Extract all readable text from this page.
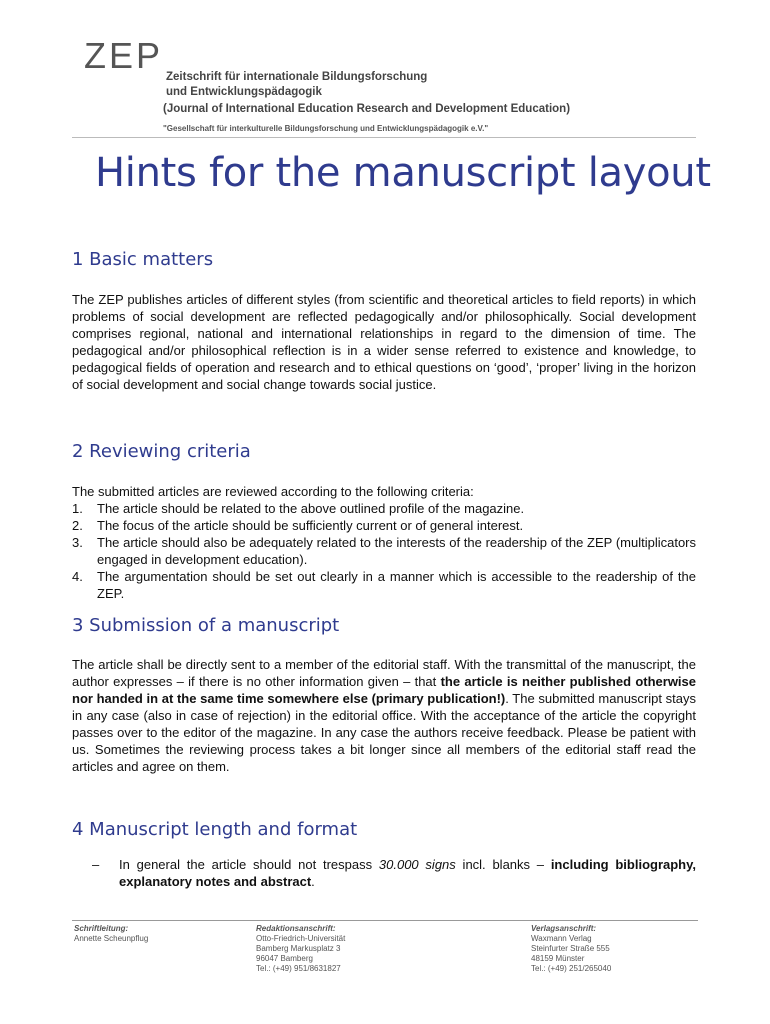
ZEP
Zeitschrift für internationale Bildungsforschung
und Entwicklungspädagogik
(Journal of International Education Research and Development Education)
"Gesellschaft für interkulturelle Bildungsforschung und Entwicklungspädagogik e.V."
Hints for the manuscript layout
1 Basic matters
The ZEP publishes articles of different styles (from scientific and theoretical articles to field reports) in which problems of social development are reflected pedagogically and/or philosophically. Social development comprises regional, national and international relationships in regard to the dimension of time. The pedagogical and/or philosophical reflection is in a wider sense referred to existence and knowledge, to pedagogical fields of operation and research and to ethical questions on ‘good’, ‘proper’ living in the horizon of social development and social change towards social justice.
2 Reviewing criteria
The submitted articles are reviewed according to the following criteria:
1. The article should be related to the above outlined profile of the magazine.
2. The focus of the article should be sufficiently current or of general interest.
3. The article should also be adequately related to the interests of the readership of the ZEP (multiplicators engaged in development education).
4. The argumentation should be set out clearly in a manner which is accessible to the readership of the ZEP.
3 Submission of a manuscript
The article shall be directly sent to a member of the editorial staff. With the transmittal of the manuscript, the author expresses – if there is no other information given – that the article is neither published otherwise nor handed in at the same time somewhere else (primary publication!). The submitted manuscript stays in any case (also in case of rejection) in the editorial office. With the acceptance of the article the copyright passes over to the editor of the magazine. In any case the authors receive feedback. Please be patient with us. Sometimes the reviewing process takes a bit longer since all members of the editorial staff read the articles and agree on them.
4 Manuscript length and format
–	In general the article should not trespass 30.000 signs incl. blanks – including bibliography, explanatory notes and abstract.
Schriftleitung:
Annette Scheunpflug
Redaktionsanschrift:
Otto-Friedrich-Universität
Bamberg Markusplatz 3
96047 Bamberg
Tel.: (+49) 951/8631827
Verlagsanschrift:
Waxmann Verlag
Steinfurter Straße 555
48159 Münster
Tel.: (+49) 251/265040
